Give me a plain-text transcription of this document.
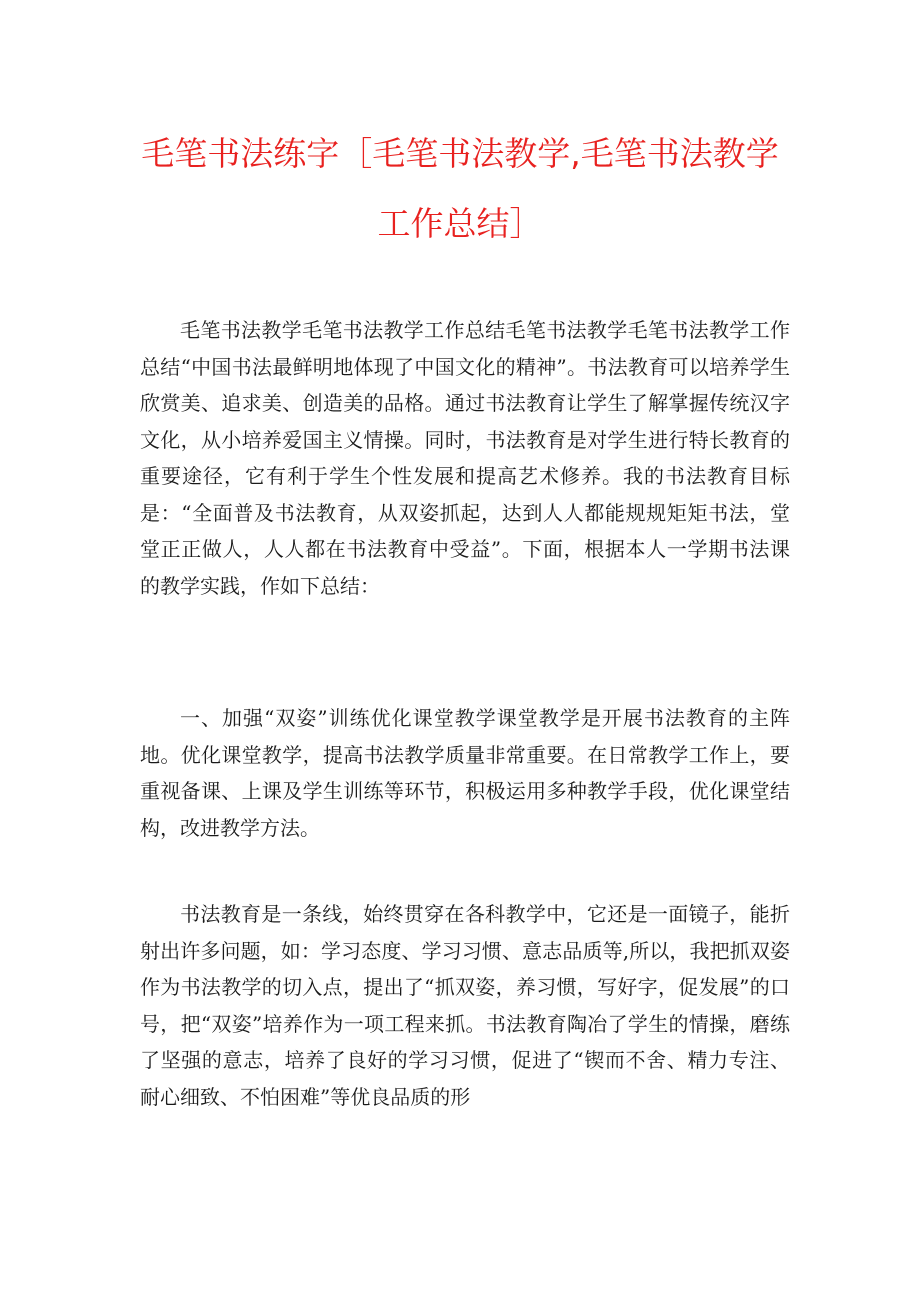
毛笔书法练字［毛笔书法教学,毛笔书法教学
工作总结］
毛笔书法教学毛笔书法教学工作总结毛笔书法教学毛笔书法教学工作总结“中国书法最鲜明地体现了中国文化的精神”。书法教育可以培养学生欣赏美、追求美、创造美的品格。通过书法教育让学生了解掌握传统汉字文化，从小培养爱国主义情操。同时，书法教育是对学生进行特长教育的重要途径，它有利于学生个性发展和提高艺术修养。我的书法教育目标是：“全面普及书法教育，从双姿抓起，达到人人都能规规矩矩书法，堂堂正正做人，人人都在书法教育中受益”。下面，根据本人一学期书法课的教学实践，作如下总结：
一、加强“双姿”训练优化课堂教学课堂教学是开展书法教育的主阵地。优化课堂教学，提高书法教学质量非常重要。在日常教学工作上，要重视备课、上课及学生训练等环节，积极运用多种教学手段，优化课堂结构，改进教学方法。
书法教育是一条线，始终贯穿在各科教学中，它还是一面镜子，能折射出许多问题，如：学习态度、学习习惯、意志品质等,所以，我把抓双姿作为书法教学的切入点，提出了“抓双姿，养习惯，写好字，促发展”的口号，把“双姿”培养作为一项工程来抓。书法教育陶冶了学生的情操，磨练了坚强的意志，培养了良好的学习习惯，促进了“锲而不舍、精力专注、耐心细致、不怕困难”等优良品质的形
